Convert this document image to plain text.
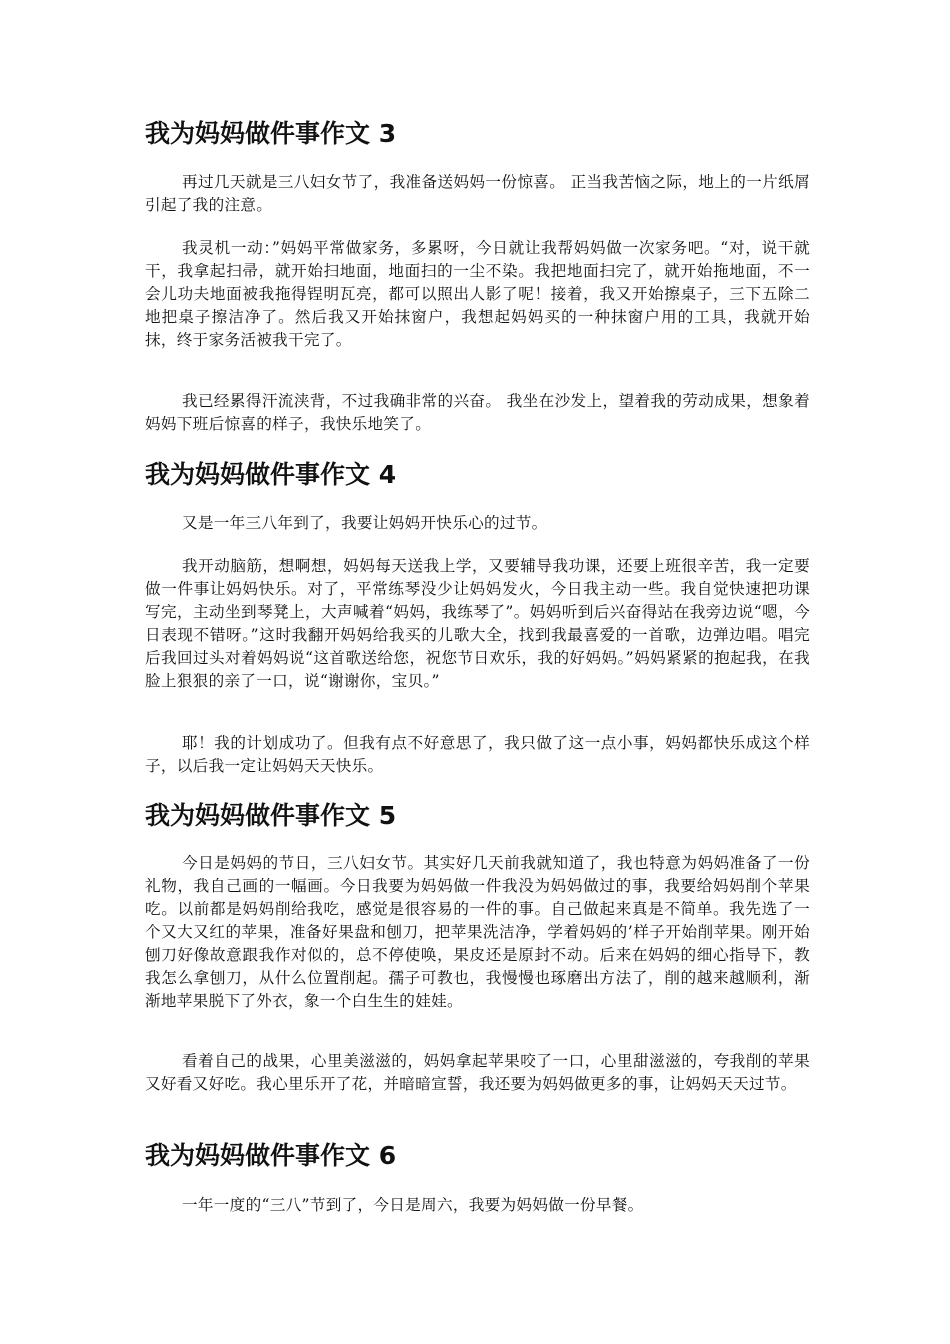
我为妈妈做件事作文 3

再过几天就是三八妇女节了，我准备送妈妈一份惊喜。 正当我苦恼之际，地上的一片纸屑引起了我的注意。

我灵机一动：”妈妈平常做家务，多累呀，今日就让我帮妈妈做一次家务吧。“对，说干就干，我拿起扫帚，就开始扫地面，地面扫的一尘不染。我把地面扫完了，就开始拖地面，不一会儿功夫地面被我拖得锃明瓦亮，都可以照出人影了呢！接着，我又开始擦桌子，三下五除二地把桌子擦洁净了。然后我又开始抹窗户，我想起妈妈买的一种抹窗户用的工具，我就开始抹，终于家务活被我干完了。

我已经累得汗流浃背，不过我确非常的兴奋。 我坐在沙发上，望着我的劳动成果，想象着妈妈下班后惊喜的样子，我快乐地笑了。

我为妈妈做件事作文 4

又是一年三八年到了，我要让妈妈开快乐心的过节。

我开动脑筋，想啊想，妈妈每天送我上学，又要辅导我功课，还要上班很辛苦，我一定要做一件事让妈妈快乐。对了，平常练琴没少让妈妈发火，今日我主动一些。我自觉快速把功课写完，主动坐到琴凳上，大声喊着“妈妈，我练琴了”。妈妈听到后兴奋得站在我旁边说“嗯，今日表现不错呀。”这时我翻开妈妈给我买的儿歌大全，找到我最喜爱的一首歌，边弹边唱。唱完后我回过头对着妈妈说“这首歌送给您，祝您节日欢乐，我的好妈妈。”妈妈紧紧的抱起我，在我脸上狠狠的亲了一口，说“谢谢你，宝贝。”

耶！我的计划成功了。但我有点不好意思了，我只做了这一点小事，妈妈都快乐成这个样子，以后我一定让妈妈天天快乐。

我为妈妈做件事作文 5

今日是妈妈的节日，三八妇女节。其实好几天前我就知道了，我也特意为妈妈准备了一份礼物，我自己画的一幅画。今日我要为妈妈做一件我没为妈妈做过的事，我要给妈妈削个苹果吃。以前都是妈妈削给我吃，感觉是很容易的一件的事。自己做起来真是不简单。我先选了一个又大又红的苹果，准备好果盘和刨刀，把苹果洗洁净，学着妈妈的’样子开始削苹果。刚开始刨刀好像故意跟我作对似的，总不停使唤，果皮还是原封不动。后来在妈妈的细心指导下，教我怎么拿刨刀，从什么位置削起。孺子可教也，我慢慢也琢磨出方法了，削的越来越顺利，渐渐地苹果脱下了外衣，象一个白生生的娃娃。

看着自己的战果，心里美滋滋的，妈妈拿起苹果咬了一口，心里甜滋滋的，夸我削的苹果又好看又好吃。我心里乐开了花，并暗暗宣誓，我还要为妈妈做更多的事，让妈妈天天过节。

我为妈妈做件事作文 6

一年一度的“三八”节到了，今日是周六，我要为妈妈做一份早餐。
